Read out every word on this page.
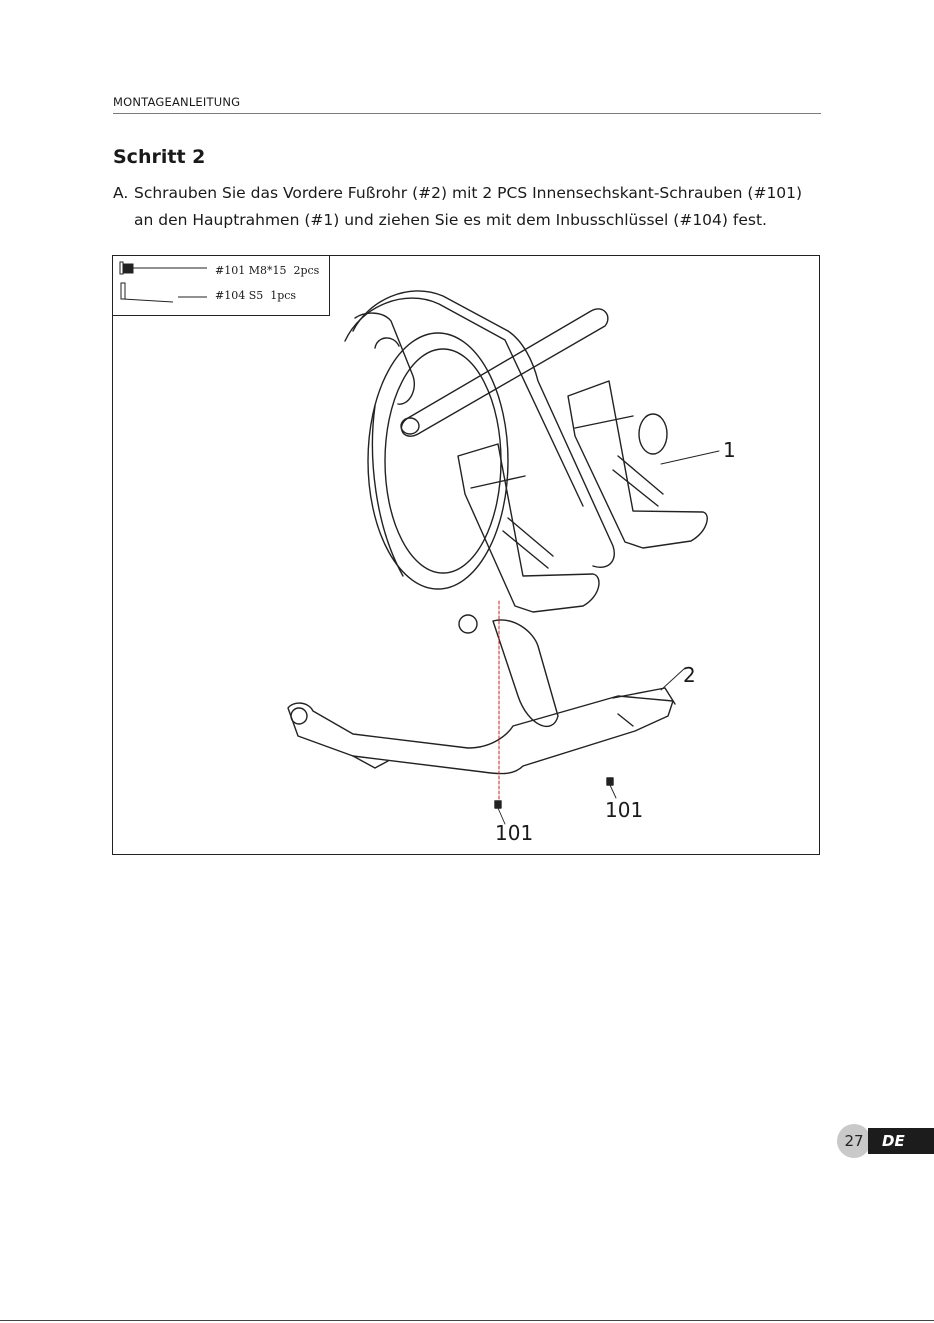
MONTAGEANLEITUNG
Schritt 2
A. Schrauben Sie das Vordere Fußrohr (#2) mit 2 PCS Innensechskant-Schrauben (#101)
an den Hauptrahmen (#1) und ziehen Sie es mit dem Inbusschlüssel (#104) fest.
#101 M8*15  2pcs
#104 S5  1pcs
1
2
101
101
27	DE
